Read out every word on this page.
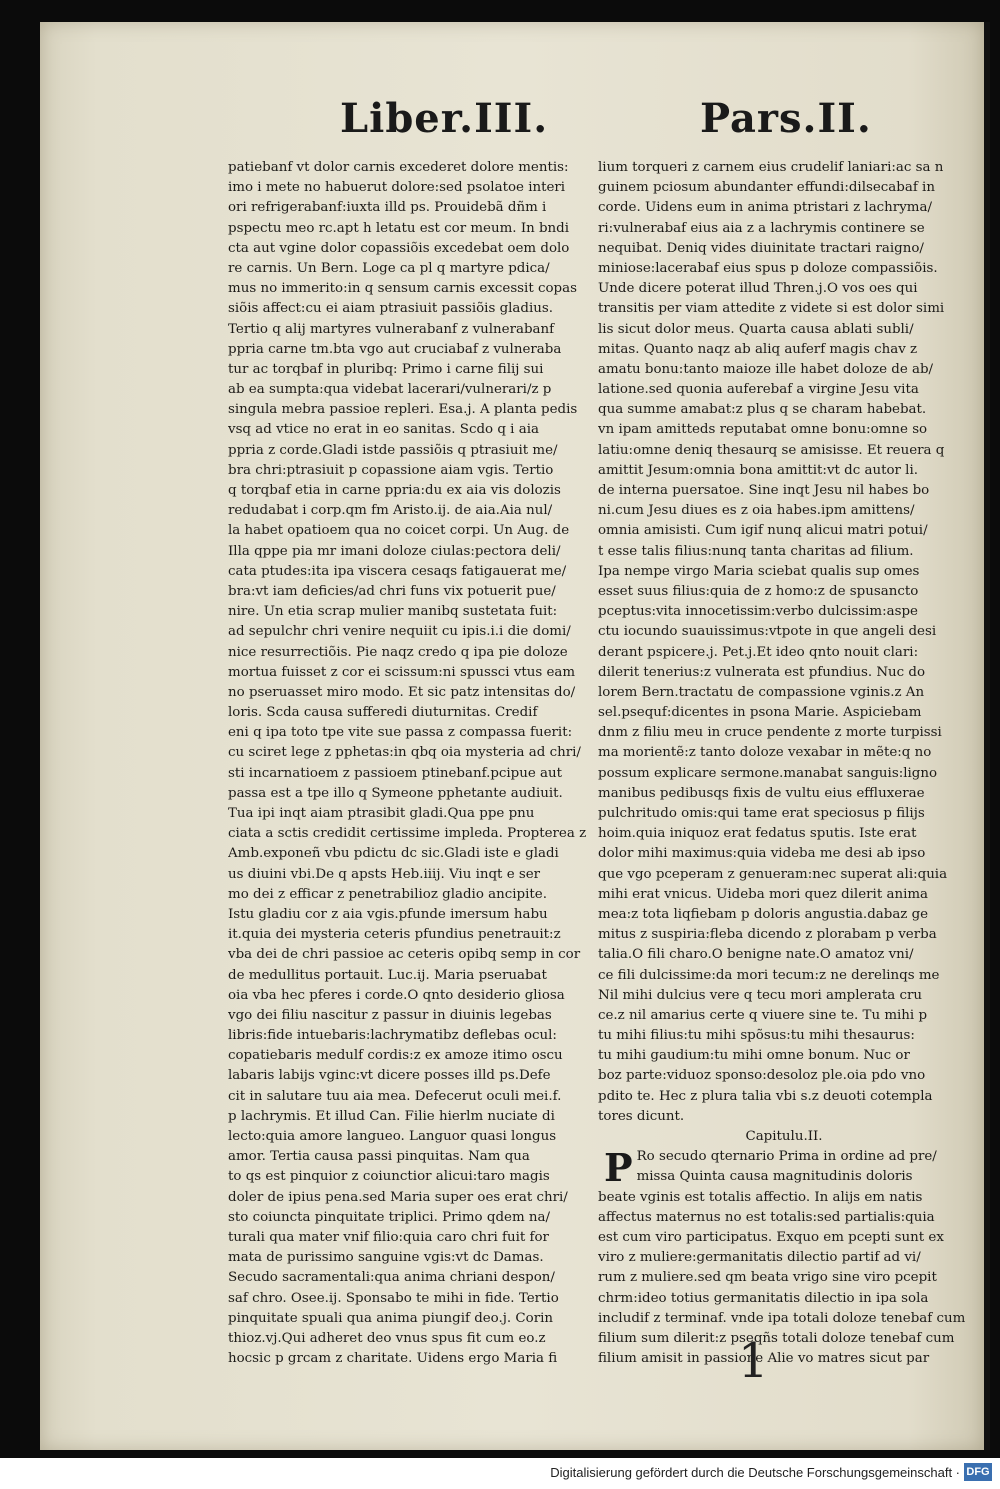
Liber.III.	Pars.II.
patiebanf vt dolor carnis excederet dolore mentis:
imo i mete no habuerut dolore:sed psolatoe interi
ori refrigerabanf:iuxta illd ps. Prouidebã dñm i
pspectu meo rc.apt h letatu est cor meum. In bndi
cta aut vgine dolor copassiõis excedebat oem dolo
re carnis. Un Bern. Loge ca pl q martyre pdica/
mus no immerito:in q sensum carnis excessit copas
siõis affect:cu ei aiam ptrasiuit passiõis gladius.
Tertio q alij martyres vulnerabanf z vulnerabanf
ppria carne tm.bta vgo aut cruciabaf z vulneraba
tur ac torqbaf in pluribq: Primo i carne filij sui
ab ea sumpta:qua videbat lacerari/vulnerari/z p
singula mebra passioe repleri. Esa.j. A planta pedis
vsq ad vtice no erat in eo sanitas. Scdo q i aia
ppria z corde.Gladi istde passiõis q ptrasiuit me/
bra chri:ptrasiuit p copassione aiam vgis. Tertio
q torqbaf etia in carne ppria:du ex aia vis dolozis
redudabat i corp.qm fm Aristo.ij. de aia.Aia nul/
la habet opatioem qua no coicet corpi. Un Aug. de
Illa qppe pia mr imani doloze ciulas:pectora deli/
cata ptudes:ita ipa viscera cesaqs fatigauerat me/
bra:vt iam deficies/ad chri funs vix potuerit pue/
nire. Un etia scrap mulier manibq sustetata fuit:
ad sepulchr chri venire nequiit cu ipis.i.i die domi/
nice resurrectiõis. Pie naqz credo q ipa pie doloze
mortua fuisset z cor ei scissum:ni spussci vtus eam
no pseruasset miro modo. Et sic patz intensitas do/
loris. Scda causa sufferedi diuturnitas. Credif
eni q ipa toto tpe vite sue passa z compassa fuerit:
cu sciret lege z pphetas:in qbq oia mysteria ad chri/
sti incarnatioem z passioem ptinebanf.pcipue aut
passa est a tpe illo q Symeone pphetante audiuit.
Tua ipi inqt aiam ptrasibit gladi.Qua ppe pnu
ciata a sctis credidit certissime impleda. Propterea z
Amb.exponeñ vbu pdictu dc sic.Gladi iste e gladi
us diuini vbi.De q apsts Heb.iiij. Viu inqt e ser
mo dei z efficar z penetrabilioz gladio ancipite.
Istu gladiu cor z aia vgis.pfunde imersum habu
it.quia dei mysteria ceteris pfundius penetrauit:z
vba dei de chri passioe ac ceteris opibq semp in cor
de medullitus portauit. Luc.ij. Maria pseruabat
oia vba hec pferes i corde.O qnto desiderio gliosa
vgo dei filiu nascitur z passur in diuinis legebas
libris:fide intuebaris:lachrymatibz deflebas ocul:
copatiebaris medulf cordis:z ex amoze itimo oscu
labaris labijs vginc:vt dicere posses illd ps.Defe
cit in salutare tuu aia mea. Defecerut oculi mei.f.
p lachrymis. Et illud Can. Filie hierlm nuciate di
lecto:quia amore langueo. Languor quasi longus
amor. Tertia causa passi pinquitas. Nam qua
to qs est pinquior z coiunctior alicui:taro magis
doler de ipius pena.sed Maria super oes erat chri/
sto coiuncta pinquitate triplici. Primo qdem na/
turali qua mater vnif filio:quia caro chri fuit for
mata de purissimo sanguine vgis:vt dc Damas.
Secudo sacramentali:qua anima chriani despon/
saf chro. Osee.ij. Sponsabo te mihi in fide. Tertio
pinquitate spuali qua anima piungif deo.j. Corin
thioz.vj.Qui adheret deo vnus spus fit cum eo.z
hocsic p grcam z charitate. Uidens ergo Maria fi
lium torqueri z carnem eius crudelif laniari:ac sa n
guinem pciosum abundanter effundi:dilsecabaf in
corde. Uidens eum in anima ptristari z lachryma/
ri:vulnerabaf eius aia z a lachrymis continere se
nequibat. Deniq vides diuinitate tractari raigno/
miniose:lacerabaf eius spus p doloze compassiõis.
Unde dicere poterat illud Thren.j.O vos oes qui
transitis per viam attedite z videte si est dolor simi
lis sicut dolor meus. Quarta causa ablati subli/
mitas. Quanto naqz ab aliq auferf magis chav z
amatu bonu:tanto maioze ille habet doloze de ab/
latione.sed quonia auferebaf a virgine Jesu vita
qua summe amabat:z plus q se charam habebat.
vn ipam amitteds reputabat omne bonu:omne so
latiu:omne deniq thesaurq se amisisse. Et reuera q
amittit Jesum:omnia bona amittit:vt dc autor li.
de interna puersatoe. Sine inqt Jesu nil habes bo
ni.cum Jesu diues es z oia habes.ipm amittens/
omnia amisisti. Cum igif nunq alicui matri potui/
t esse talis filius:nunq tanta charitas ad filium.
Ipa nempe virgo Maria sciebat qualis sup omes
esset suus filius:quia de z homo:z de spusancto
pceptus:vita innocetissim:verbo dulcissim:aspe
ctu iocundo suauissimus:vtpote in que angeli desi
derant pspicere.j. Pet.j.Et ideo qnto nouit clari:
dilerit tenerius:z vulnerata est pfundius. Nuc do
lorem Bern.tractatu de compassione vginis.z An
sel.psequf:dicentes in psona Marie. Aspiciebam
dnm z filiu meu in cruce pendente z morte turpissi
ma morientẽ:z tanto doloze vexabar in mẽte:q no
possum explicare sermone.manabat sanguis:ligno
manibus pedibusqs fixis de vultu eius effluxerae
pulchritudo omis:qui tame erat speciosus p filijs
hoim.quia iniquoz erat fedatus sputis. Iste erat
dolor mihi maximus:quia videba me desi ab ipso
que vgo pceperam z genueram:nec superat ali:quia
mihi erat vnicus. Uideba mori quez dilerit anima
mea:z tota liqfiebam p doloris angustia.dabaz ge
mitus z suspiria:fleba dicendo z plorabam p verba
talia.O fili charo.O benigne nate.O amatoz vni/
ce fili dulcissime:da mori tecum:z ne derelinqs me
Nil mihi dulcius vere q tecu mori amplerata cru
ce.z nil amarius certe q viuere sine te. Tu mihi p
tu mihi filius:tu mihi spõsus:tu mihi thesaurus:
tu mihi gaudium:tu mihi omne bonum. Nuc or
boz parte:viduoz sponso:desoloz ple.oia pdo vno
pdito te. Hec z plura talia vbi s.z deuoti cotempla
tores dicunt.
Capitulu.II.
P Ro secudo qternario Prima in ordine ad pre/
missa Quinta causa magnitudinis doloris
beate vginis est totalis affectio. In alijs em natis
affectus maternus no est totalis:sed partialis:quia
est cum viro participatus. Exquo em pcepti sunt ex
viro z muliere:germanitatis dilectio partif ad vi/
rum z muliere.sed qm beata vrigo sine viro pcepit
chrm:ideo totius germanitatis dilectio in ipa sola
includif z terminaf. vnde ipa totali doloze tenebaf cum
filium sum dilerit:z pseqñs totali doloze tenebaf cum
filium amisit in passione Alie vo matres sicut par
1
Digitalisierung gefördert durch die Deutsche Forschungsgemeinschaft · DFG
